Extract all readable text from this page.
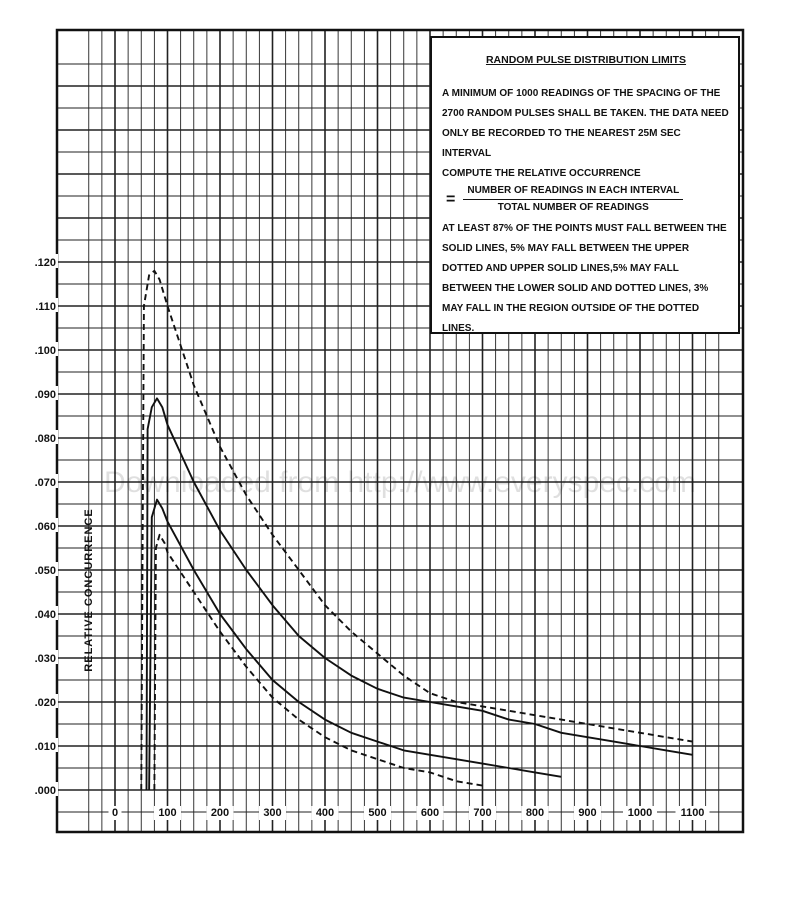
0	100	200	300	400	500	600	700	800	900	1000	1100
.000
.010
.020
.030
.040
.050
.060
.070
.080
.090
.100
.110
.120
RELATIVE CONCURRENCE
Downloaded from http://www.everyspec.com
RANDOM PULSE DISTRIBUTION LIMITS

A MINIMUM OF 1000 READINGS OF THE SPACING OF THE 2700 RANDOM PULSES SHALL BE TAKEN. THE DATA NEED ONLY BE RECORDED TO THE NEAREST 25Μ SEC INTERVAL

COMPUTE THE RELATIVE OCCURRENCE

= $\frac{\text{NUMBER OF READINGS IN EACH INTERVAL}}{\text{TOTAL NUMBER OF READINGS}}$

AT LEAST 87% OF THE POINTS MUST FALL BETWEEN THE SOLID LINES, 5% MAY FALL BETWEEN THE UPPER DOTTED AND UPPER SOLID LINES,5% MAY FALL BETWEEN THE LOWER SOLID AND DOTTED LINES, 3% MAY FALL IN THE REGION OUTSIDE OF THE DOTTED LINES.
